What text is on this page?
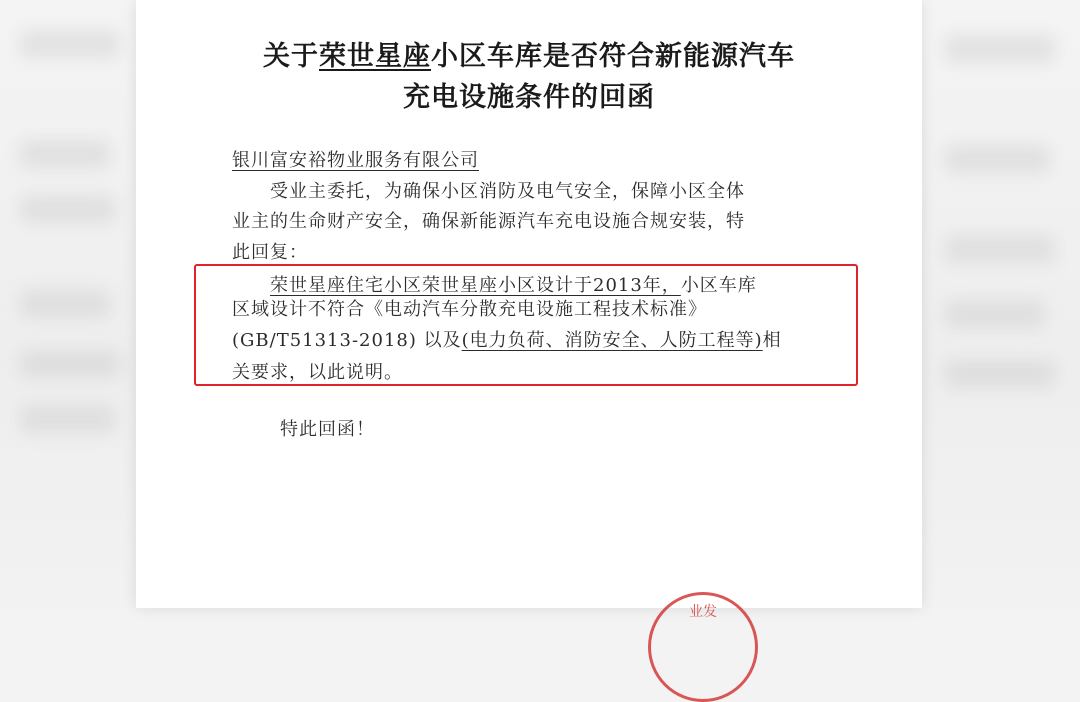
关于荣世星座小区车库是否符合新能源汽车
充电设施条件的回函
银川富安裕物业服务有限公司
受业主委托，为确保小区消防及电气安全，保障小区全体
业主的生命财产安全，确保新能源汽车充电设施合规安装，特
此回复：
荣世星座住宅小区荣世星座小区设计于2013年，小区车库
区域设计不符合《电动汽车分散充电设施工程技术标准》
(GB/T51313-2018) 以及(电力负荷、消防安全、人防工程等)相
关要求，以此说明。
特此回函！
业发
